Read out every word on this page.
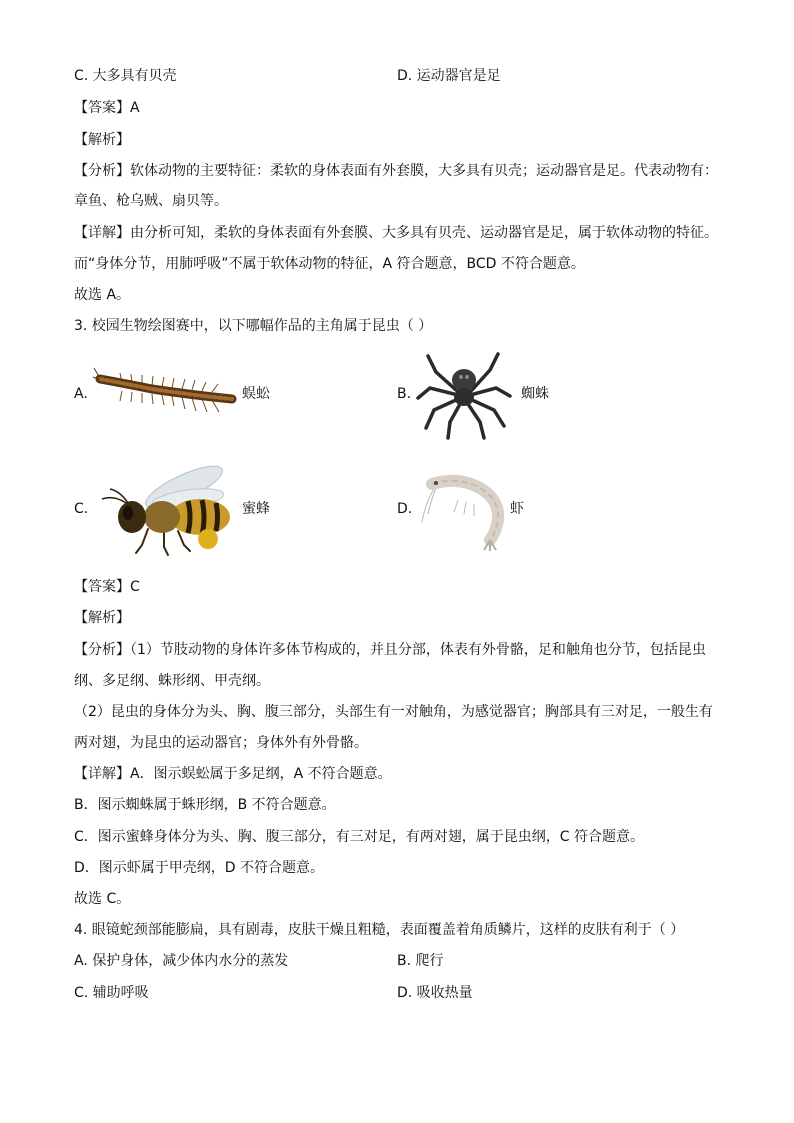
C. 大多具有贝壳	D. 运动器官是足
【答案】A
【解析】
【分析】软体动物的主要特征：柔软的身体表面有外套膜，大多具有贝壳；运动器官是足。代表动物有：
章鱼、枪乌贼、扇贝等。
【详解】由分析可知，柔软的身体表面有外套膜、大多具有贝壳、运动器官是足，属于软体动物的特征。
而“身体分节，用肺呼吸”不属于软体动物的特征，A 符合题意，BCD 不符合题意。
故选 A。
3. 校园生物绘图赛中，以下哪幅作品的主角属于昆虫（ ）
A.	蜈蚣	B.	蜘蛛
C.	蜜蜂	D.	虾
【答案】C
【解析】
【分析】（1）节肢动物的身体许多体节构成的，并且分部，体表有外骨骼，足和触角也分节，包括昆虫
纲、多足纲、蛛形纲、甲壳纲。
（2）昆虫的身体分为头、胸、腹三部分，头部生有一对触角，为感觉器官；胸部具有三对足，一般生有
两对翅，为昆虫的运动器官；身体外有外骨骼。
【详解】A．图示蜈蚣属于多足纲，A 不符合题意。
B．图示蜘蛛属于蛛形纲，B 不符合题意。
C．图示蜜蜂身体分为头、胸、腹三部分，有三对足，有两对翅，属于昆虫纲，C 符合题意。
D．图示虾属于甲壳纲，D 不符合题意。
故选 C。
4. 眼镜蛇颈部能膨扁，具有剧毒，皮肤干燥且粗糙，表面覆盖着角质鳞片，这样的皮肤有利于（ ）
A. 保护身体，减少体内水分的蒸发	B. 爬行
C. 辅助呼吸	D. 吸收热量
